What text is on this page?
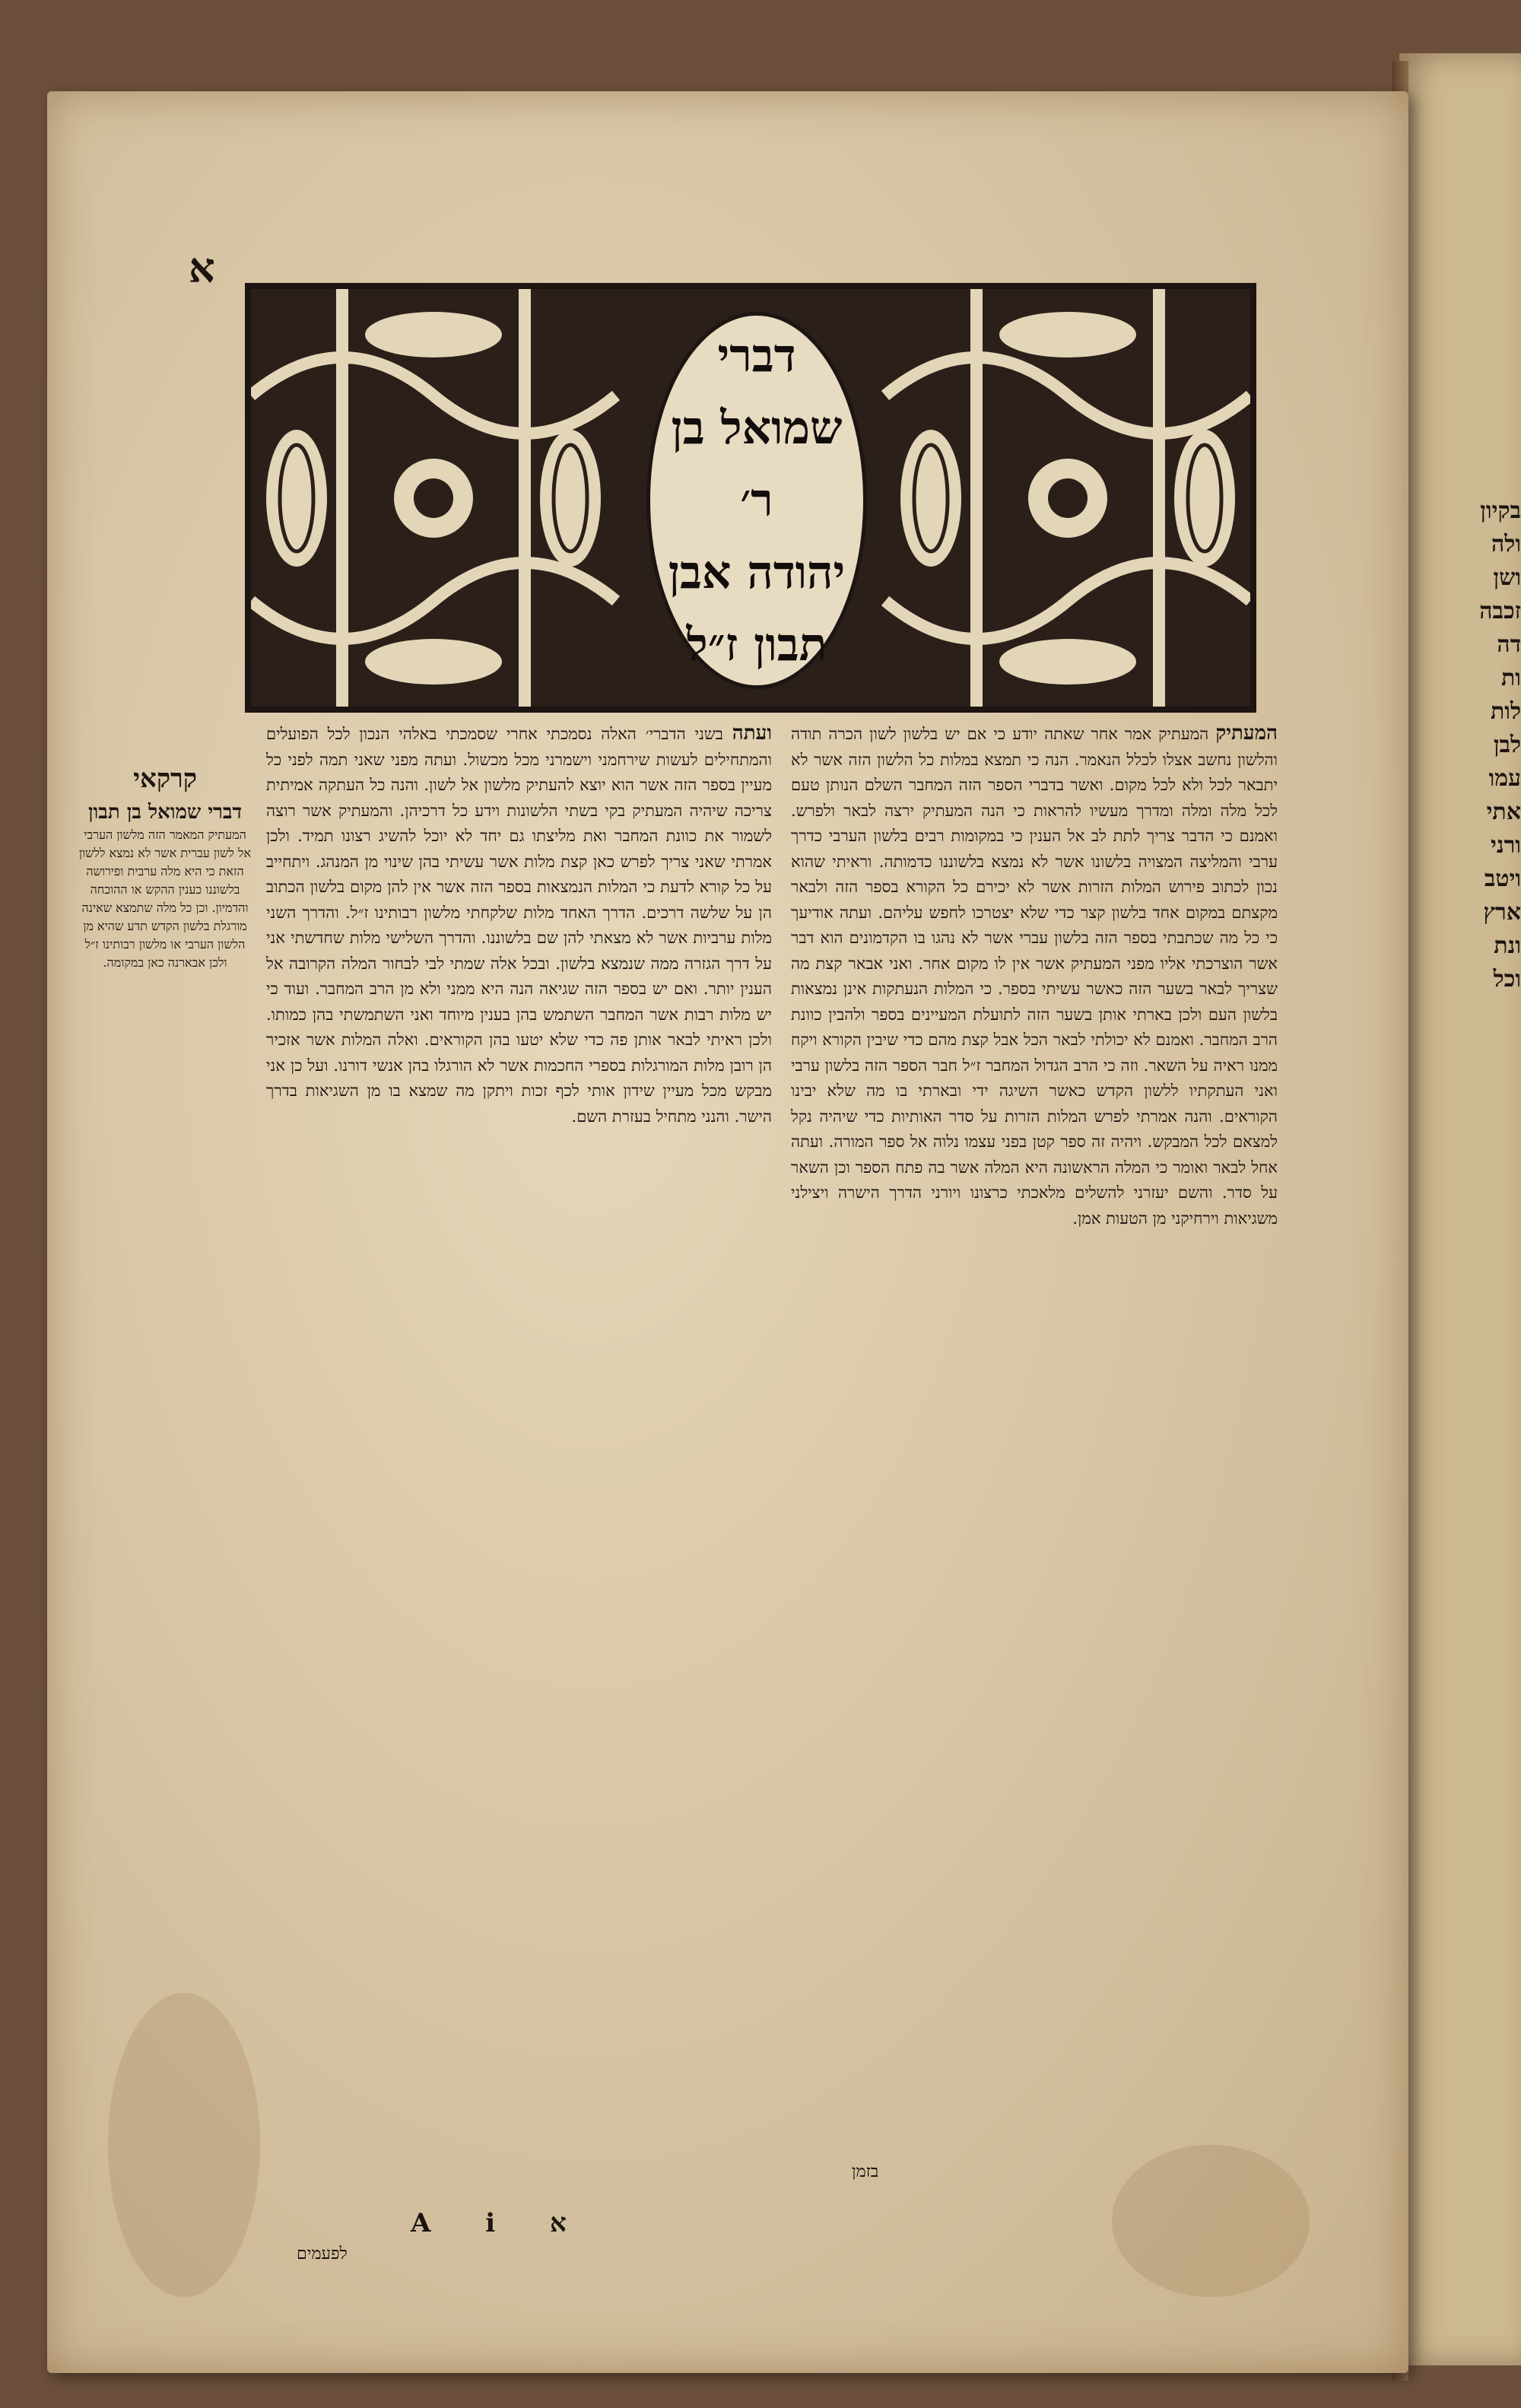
בקיון
ולה
ושן
זכבה
דה
ות
לות
לבן
עמו
אתי
ורני
ויטב
ארץ
ונת
וכל
א
דברי
שמואל בן ר׳
יהודה אבן
תבון ז״ל
המעתיק המעתיק אמר אחר שאתה יודע כי אם יש בלשון לשון הכרה תודה והלשון נחשב אצלו לכלל הנאמר. הנה כי תמצא במלות כל הלשון הזה אשר לא יתבאר לכל ולא לכל מקום. ואשר בדברי הספר הזה המחבר השלם הנותן טעם לכל מלה ומלה ומדרך מעשיו להראות כי הנה המעתיק ירצה לבאר ולפרש. ואמנם כי הדבר צריך לתת לב אל הענין כי במקומות רבים בלשון הערבי כדרך ערבי והמליצה המצויה בלשונו אשר לא נמצא בלשוננו כדמותה. וראיתי שהוא נכון לכתוב פירוש המלות הזרות אשר לא יכירם כל הקורא בספר הזה ולבאר מקצתם במקום אחד בלשון קצר כדי שלא יצטרכו לחפש עליהם. ועתה אודיעך כי כל מה שכתבתי בספר הזה בלשון עברי אשר לא נהגו בו הקדמונים הוא דבר אשר הוצרכתי אליו מפני המעתיק אשר אין לו מקום אחר. ואני אבאר קצת מה שצריך לבאר בשער הזה כאשר עשיתי בספר. כי המלות הנעתקות אינן נמצאות בלשון העם ולכן בארתי אותן בשער הזה לתועלת המעיינים בספר ולהבין כוונת הרב המחבר. ואמנם לא יכולתי לבאר הכל אבל קצת מהם כדי שיבין הקורא ויקח ממנו ראיה על השאר. וזה כי הרב הגדול המחבר ז״ל חבר הספר הזה בלשון ערבי ואני העתקתיו ללשון הקדש כאשר השיגה ידי ובארתי בו מה שלא יבינו הקוראים. והנה אמרתי לפרש המלות הזרות על סדר האותיות כדי שיהיה נקל למצאם לכל המבקש. ויהיה זה ספר קטן בפני עצמו נלוה אל ספר המורה. ועתה אחל לבאר ואומר כי המלה הראשונה היא המלה אשר בה פתח הספר וכן השאר על סדר. והשם יעזרני להשלים מלאכתי כרצונו ויורני הדרך הישרה ויצילני משגיאות וירחיקני מן הטעות אמן.
ועתה בשני הדברי׳ האלה נסמכתי אחרי שסמכתי באלהי הנכון לכל הפועלים והמתחילים לעשות שירחמני וישמרני מכל מכשול. ועתה מפני שאני תמה לפני כל מעיין בספר הזה אשר הוא יוצא להעתיק מלשון אל לשון. והנה כל העתקה אמיתית צריכה שיהיה המעתיק בקי בשתי הלשונות וידע כל דרכיהן. והמעתיק אשר רוצה לשמור את כוונת המחבר ואת מליצתו גם יחד לא יוכל להשיג רצונו תמיד. ולכן אמרתי שאני צריך לפרש כאן קצת מלות אשר עשיתי בהן שינוי מן המנהג. ויתחייב על כל קורא לדעת כי המלות הנמצאות בספר הזה אשר אין להן מקום בלשון הכתוב הן על שלשה דרכים. הדרך האחד מלות שלקחתי מלשון רבותינו ז״ל. והדרך השני מלות ערביות אשר לא מצאתי להן שם בלשוננו. והדרך השלישי מלות שחדשתי אני על דרך הגזרה ממה שנמצא בלשון. ובכל אלה שמתי לבי לבחור המלה הקרובה אל הענין יותר. ואם יש בספר הזה שגיאה הנה היא ממני ולא מן הרב המחבר. ועוד כי יש מלות רבות אשר המחבר השתמש בהן בענין מיוחד ואני השתמשתי בהן כמותו. ולכן ראיתי לבאר אותן פה כדי שלא יטעו בהן הקוראים. ואלה המלות אשר אזכיר הן רובן מלות המורגלות בספרי החכמות אשר לא הורגלו בהן אנשי דורנו. ועל כן אני מבקש מכל מעיין שידון אותי לכף זכות ויתקן מה שמצא בו מן השגיאות בדרך הישר. והנני מתחיל בעזרת השם.
קרקאי
דברי שמואל בן תבון
המעתיק המאמר הזה מלשון הערבי אל לשון עברית אשר לא נמצא ללשון הזאת כי היא מלה ערבית ופירושה בלשוננו כענין ההקש או ההוכחה והדמיון. וכן כל מלה שתמצא שאינה מורגלת בלשון הקדש תדע שהיא מן הלשון הערבי או מלשון רבותינו ז״ל ולכן אבארנה כאן במקומה.
בזמן
A i א
לפעמים
